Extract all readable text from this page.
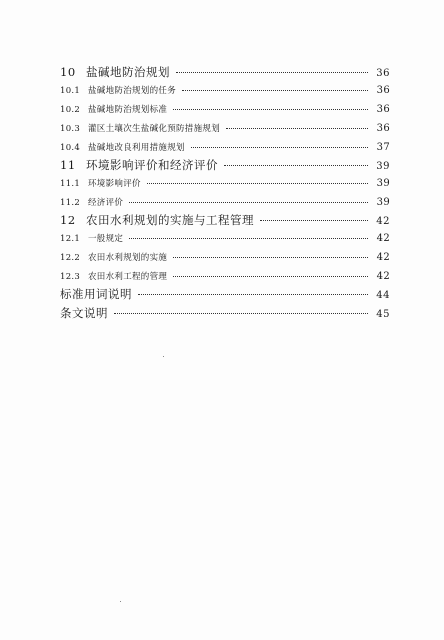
10 盐碱地防治规划	36
10.1 盐碱地防治规划的任务	36
10.2 盐碱地防治规划标准	36
10.3 灌区土壤次生盐碱化预防措施规划	36
10.4 盐碱地改良利用措施规划	37
11 环境影响评价和经济评价	39
11.1 环境影响评价	39
11.2 经济评价	39
12 农田水利规划的实施与工程管理	42
12.1 一般规定	42
12.2 农田水利规划的实施	42
12.3 农田水利工程的管理	42
标准用词说明	44
条文说明	45
